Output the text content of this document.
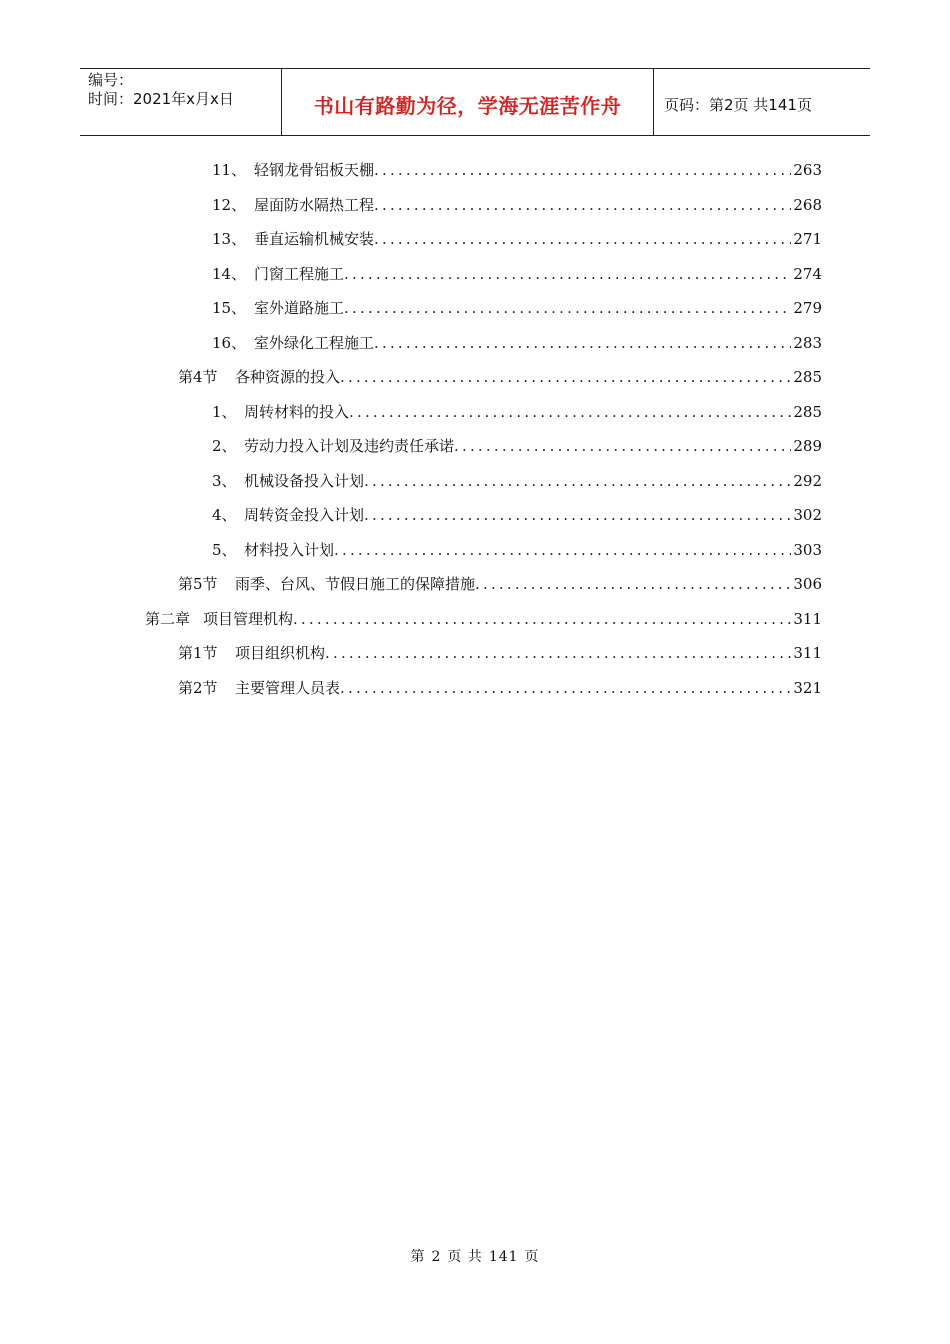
编号：
时间：2021年x月x日	书山有路勤为径，学海无涯苦作舟	页码：第2页 共141页
11、 轻钢龙骨铝板天棚 .....	263
12、 屋面防水隔热工程 .....	268
13、 垂直运输机械安装 .....	271
14、 门窗工程施工 .....	274
15、 室外道路施工 .....	279
16、 室外绿化工程施工 .....	283
第4节	各种资源的投入 .....	285
1、 周转材料的投入 .....	285
2、 劳动力投入计划及违约责任承诺 .....	289
3、 机械设备投入计划 .....	292
4、 周转资金投入计划 .....	302
5、 材料投入计划 .....	303
第5节	雨季、台风、节假日施工的保障措施 .....	306
第二章 项目管理机构 .....	311
第1节	项目组织机构 .....	311
第2节	主要管理人员表 .....	321
第 2 页 共 141 页
